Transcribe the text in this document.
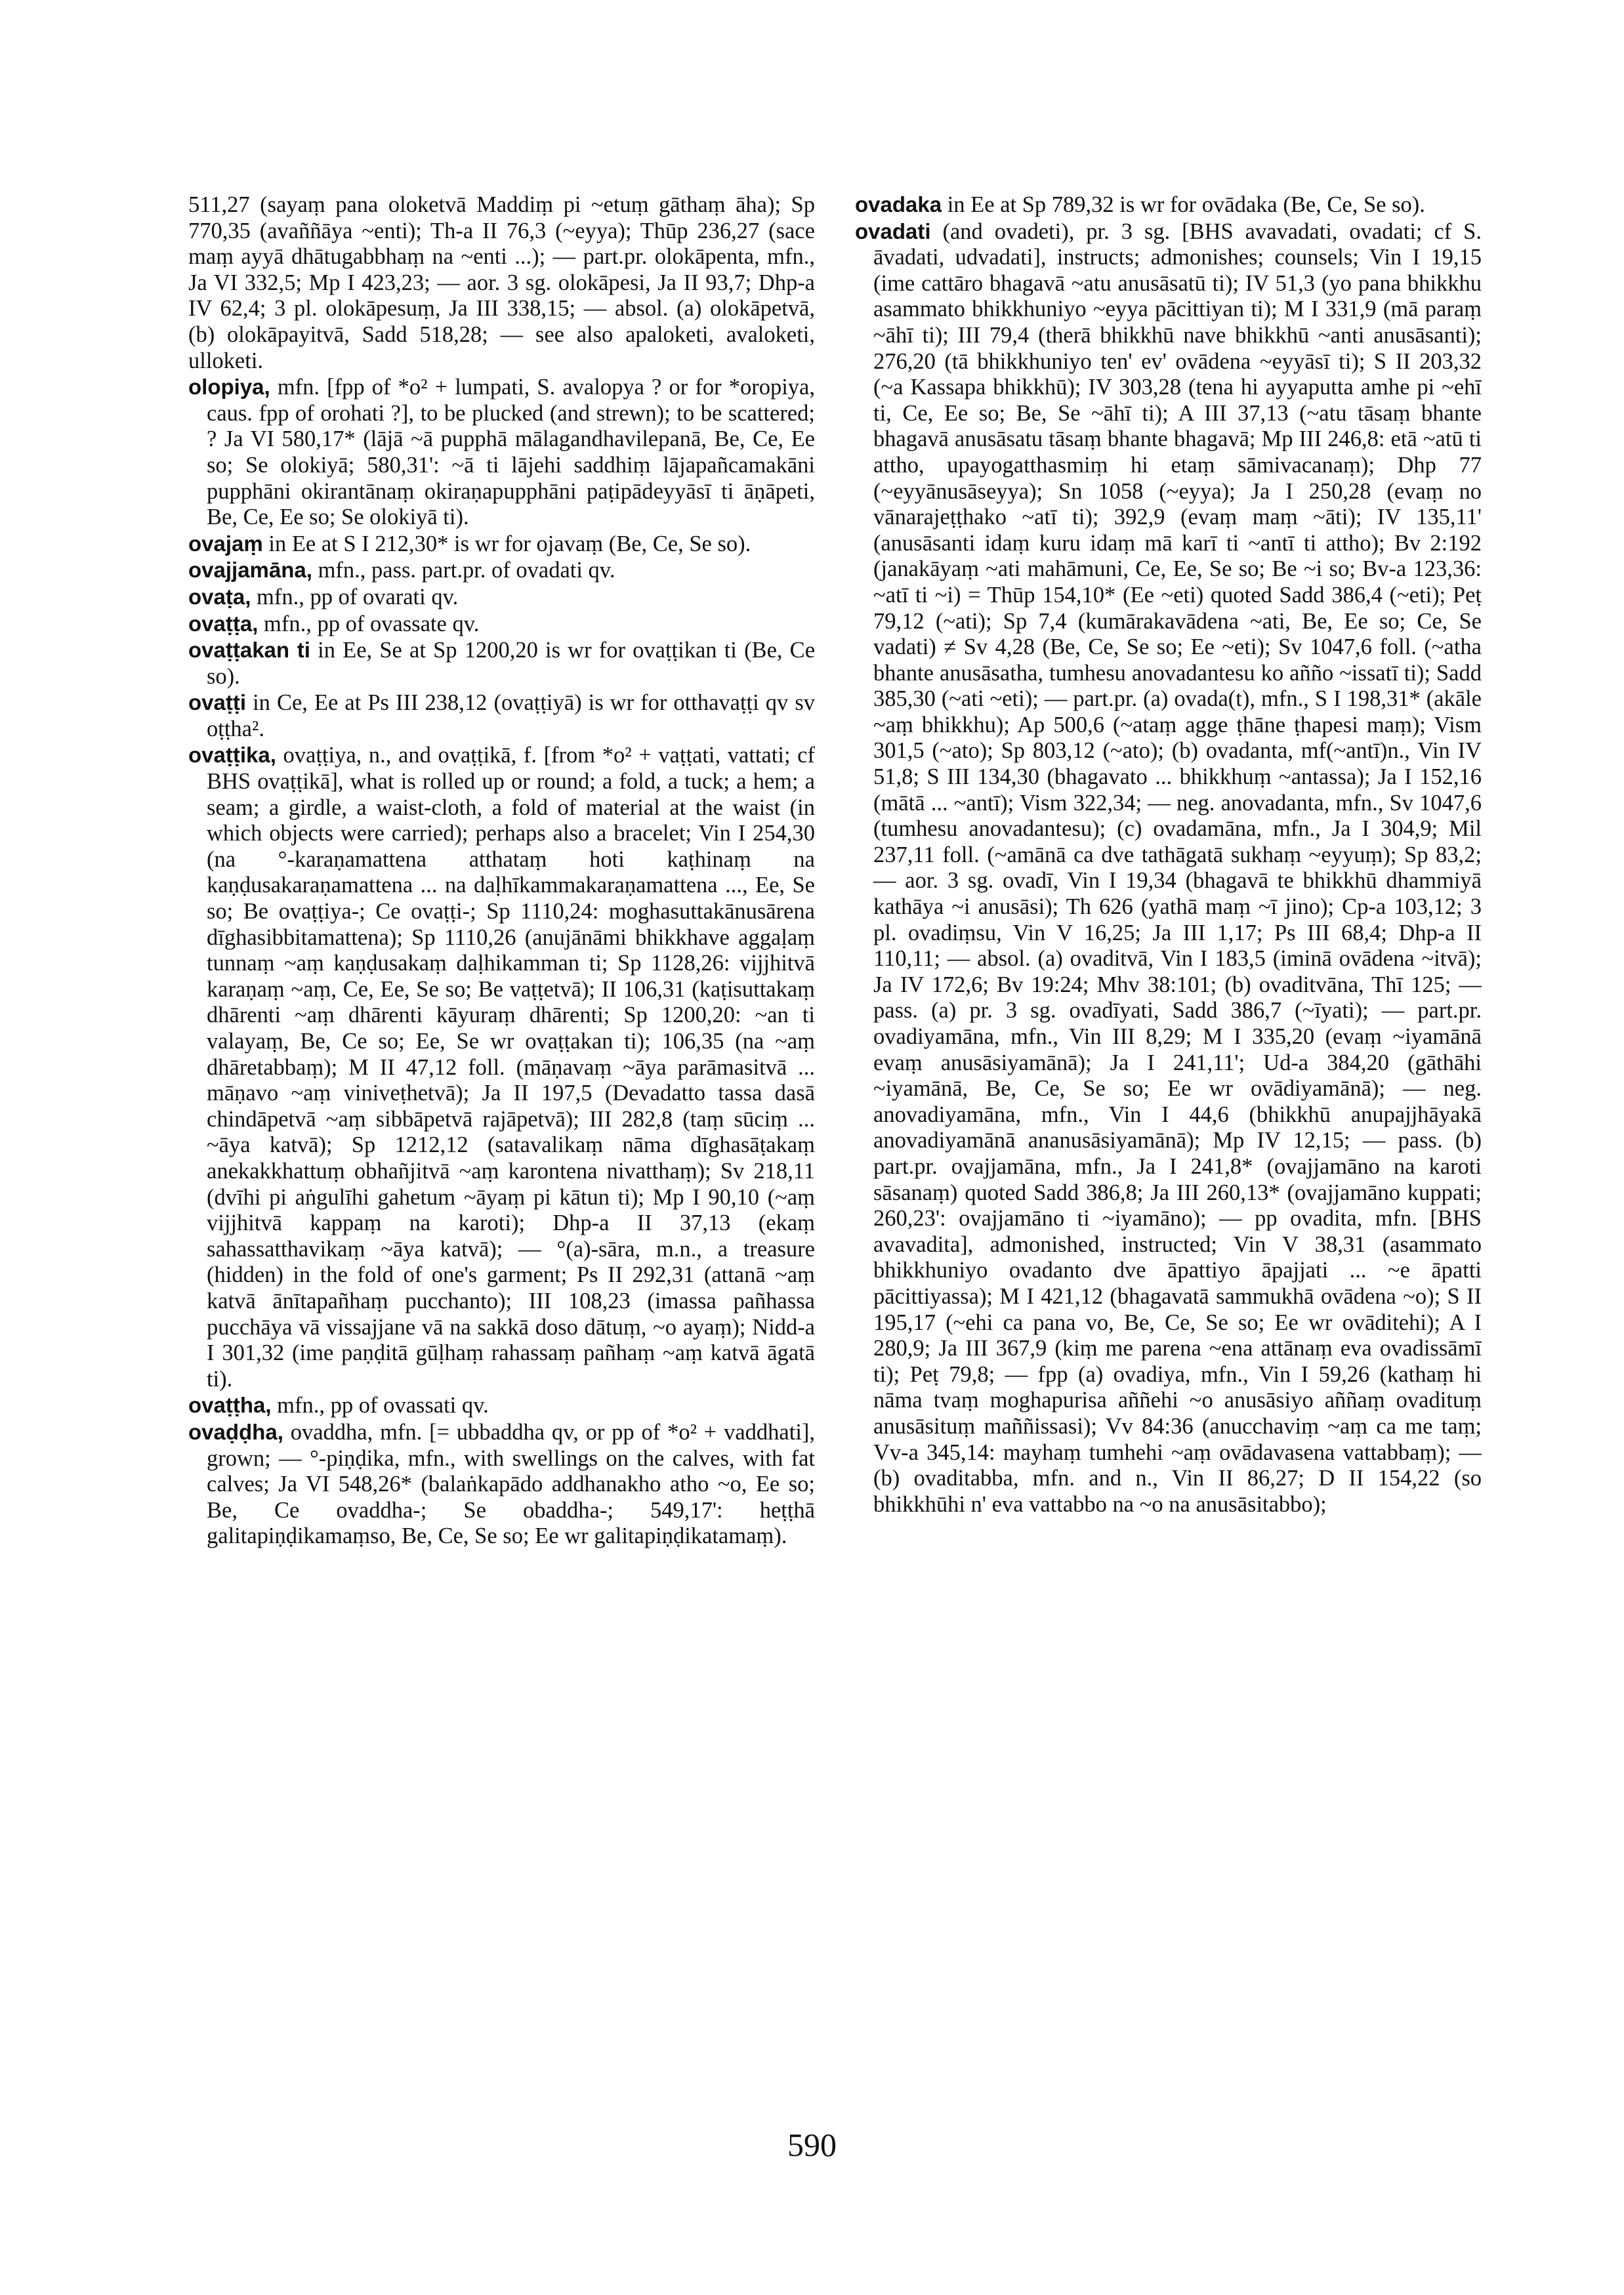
511,27 (sayaṃ pana oloketvā Maddiṃ pi ~etuṃ gāthaṃ āha); Sp 770,35 (avaññāya ~enti); Th-a II 76,3 (~eyya); Thūp 236,27 (sace maṃ ayyā dhātugabbhaṃ na ~enti ...); — part.pr. olokāpenta, mfn., Ja VI 332,5; Mp I 423,23; — aor. 3 sg. olokāpesi, Ja II 93,7; Dhp-a IV 62,4; 3 pl. olokāpesuṃ, Ja III 338,15; — absol. (a) olokāpetvā, (b) olokāpayitvā, Sadd 518,28; — see also apaloketi, avaloketi, ulloketi.

olopiya, mfn. [fpp of *o² + lumpati, S. avalopya ? or for *oropiya, caus. fpp of orohati ?], to be plucked (and strewn); to be scattered; ? Ja VI 580,17* (lājā ~ā pupphā mālagandhavilepanā, Be, Ce, Ee so; Se olokiyā; 580,31': ~ā ti lājehi saddhiṃ lājapañcamakāni pupphāni okirantānaṃ okiraṇapupphāni paṭipādeyyāsī ti āṇāpeti, Be, Ce, Ee so; Se olokiyā ti).

ovajaṃ in Ee at S I 212,30* is wr for ojavaṃ (Be, Ce, Se so).

ovajjamāna, mfn., pass. part.pr. of ovadati qv.

ovaṭa, mfn., pp of ovarati qv.

ovaṭṭa, mfn., pp of ovassate qv.

ovaṭṭakan ti in Ee, Se at Sp 1200,20 is wr for ovaṭṭikan ti (Be, Ce so).

ovaṭṭi in Ce, Ee at Ps III 238,12 (ovaṭṭiyā) is wr for otthavaṭṭi qv sv oṭṭha².

ovaṭṭika, ovaṭṭiya, n., and ovaṭṭikā, f. [from *o² + vaṭṭati, vattati; cf BHS ovaṭṭikā], what is rolled up or round; a fold, a tuck; a hem; a seam; a girdle, a waist-cloth, a fold of material at the waist (in which objects were carried); perhaps also a bracelet; Vin I 254,30 (na °-karaṇamattena atthataṃ hoti kaṭhinaṃ na kaṇḍusakaraṇamattena ... na daḷhīkammakaraṇamattena ..., Ee, Se so; Be ovaṭṭiya-; Ce ovaṭṭi-; Sp 1110,24: moghasuttakānusārena dīghasibbitamattena); Sp 1110,26 (anujānāmi bhikkhave aggaḷaṃ tunnaṃ ~aṃ kaṇḍusakaṃ daḷhikamman ti; Sp 1128,26: vijjhitvā karaṇaṃ ~aṃ, Ce, Ee, Se so; Be vaṭṭetvā); II 106,31 (kaṭisuttakaṃ dhārenti ~aṃ dhārenti kāyuraṃ dhārenti; Sp 1200,20: ~an ti valayaṃ, Be, Ce so; Ee, Se wr ovaṭṭakan ti); 106,35 (na ~aṃ dhāretabbaṃ); M II 47,12 foll. (māṇavaṃ ~āya parāmasitvā ... māṇavo ~aṃ viniveṭhetvā); Ja II 197,5 (Devadatto tassa dasā chindāpetvā ~aṃ sibbāpetvā rajāpetvā); III 282,8 (taṃ sūciṃ ... ~āya katvā); Sp 1212,12 (satavalikaṃ nāma dīghasāṭakaṃ anekakkhattuṃ obhañjitvā ~aṃ karontena nivatthaṃ); Sv 218,11 (dvīhi pi aṅgulīhi gahetum ~āyaṃ pi kātun ti); Mp I 90,10 (~aṃ vijjhitvā kappaṃ na karoti); Dhp-a II 37,13 (ekaṃ sahassatthavikaṃ ~āya katvā); — °(a)-sāra, m.n., a treasure (hidden) in the fold of one's garment; Ps II 292,31 (attanā ~aṃ katvā ānītapañhaṃ pucchanto); III 108,23 (imassa pañhassa pucchāya vā vissajjane vā na sakkā doso dātuṃ, ~o ayaṃ); Nidd-a I 301,32 (ime paṇḍitā gūḷhaṃ rahassaṃ pañhaṃ ~aṃ katvā āgatā ti).

ovaṭṭha, mfn., pp of ovassati qv.

ovaḍḍha, ovaddha, mfn. [= ubbaddha qv, or pp of *o² + vaddhati], grown; — °-piṇḍika, mfn., with swellings on the calves, with fat calves; Ja VI 548,26* (balaṅkapādo addhanakho atho ~o, Ee so; Be, Ce ovaddha-; Se obaddha-; 549,17': heṭṭhā galitapiṇḍikamaṃso, Be, Ce, Se so; Ee wr galitapiṇḍikatamaṃ).

ovadaka in Ee at Sp 789,32 is wr for ovādaka (Be, Ce, Se so).

ovadati (and ovadeti), pr. 3 sg. [BHS avavadati, ovadati; cf S. āvadati, udvadati], instructs; admonishes; counsels; Vin I 19,15 (ime cattāro bhagavā ~atu anusāsatū ti); IV 51,3 (yo pana bhikkhu asammato bhikkhuniyo ~eyya pācittiyan ti); M I 331,9 (mā paraṃ ~āhī ti); III 79,4 (therā bhikkhū nave bhikkhū ~anti anusāsanti); 276,20 (tā bhikkhuniyo ten' ev' ovādena ~eyyāsī ti); S II 203,32 (~a Kassapa bhikkhū); IV 303,28 (tena hi ayyaputta amhe pi ~ehī ti, Ce, Ee so; Be, Se ~āhī ti); A III 37,13 (~atu tāsaṃ bhante bhagavā anusāsatu tāsaṃ bhante bhagavā; Mp III 246,8: etā ~atū ti attho, upayogatthasmiṃ hi etaṃ sāmivacanaṃ); Dhp 77 (~eyyānusāseyya); Sn 1058 (~eyya); Ja I 250,28 (evaṃ no vānarajeṭṭhako ~atī ti); 392,9 (evaṃ maṃ ~āti); IV 135,11' (anusāsanti idaṃ kuru idaṃ mā karī ti ~antī ti attho); Bv 2:192 (janakāyaṃ ~ati mahāmuni, Ce, Ee, Se so; Be ~i so; Bv-a 123,36: ~atī ti ~i) = Thūp 154,10* (Ee ~eti) quoted Sadd 386,4 (~eti); Peṭ 79,12 (~ati); Sp 7,4 (kumārakavādena ~ati, Be, Ee so; Ce, Se vadati) ≠ Sv 4,28 (Be, Ce, Se so; Ee ~eti); Sv 1047,6 foll. (~atha bhante anusāsatha, tumhesu anovadantesu ko añño ~issatī ti); Sadd 385,30 (~ati ~eti); — part.pr. (a) ovada(t), mfn., S I 198,31* (akāle ~aṃ bhikkhu); Ap 500,6 (~ataṃ agge ṭhāne ṭhapesi maṃ); Vism 301,5 (~ato); Sp 803,12 (~ato); (b) ovadanta, mf(~antī)n., Vin IV 51,8; S III 134,30 (bhagavato ... bhikkhuṃ ~antassa); Ja I 152,16 (mātā ... ~antī); Vism 322,34; — neg. anovadanta, mfn., Sv 1047,6 (tumhesu anovadantesu); (c) ovadamāna, mfn., Ja I 304,9; Mil 237,11 foll. (~amānā ca dve tathāgatā sukhaṃ ~eyyuṃ); Sp 83,2; — aor. 3 sg. ovadī, Vin I 19,34 (bhagavā te bhikkhū dhammiyā kathāya ~i anusāsi); Th 626 (yathā maṃ ~ī jino); Cp-a 103,12; 3 pl. ovadiṃsu, Vin V 16,25; Ja III 1,17; Ps III 68,4; Dhp-a II 110,11; — absol. (a) ovaditvā, Vin I 183,5 (iminā ovādena ~itvā); Ja IV 172,6; Bv 19:24; Mhv 38:101; (b) ovaditvāna, Thī 125; — pass. (a) pr. 3 sg. ovadīyati, Sadd 386,7 (~īyati); — part.pr. ovadiyamāna, mfn., Vin III 8,29; M I 335,20 (evaṃ ~iyamānā evaṃ anusāsiyamānā); Ja I 241,11'; Ud-a 384,20 (gāthāhi ~iyamānā, Be, Ce, Se so; Ee wr ovādiyamānā); — neg. anovadiyamāna, mfn., Vin I 44,6 (bhikkhū anupajjhāyakā anovadiyamānā ananusāsiyamānā); Mp IV 12,15; — pass. (b) part.pr. ovajjamāna, mfn., Ja I 241,8* (ovajjamāno na karoti sāsanaṃ) quoted Sadd 386,8; Ja III 260,13* (ovajjamāno kuppati; 260,23': ovajjamāno ti ~iyamāno); — pp ovadita, mfn. [BHS avavadita], admonished, instructed; Vin V 38,31 (asammato bhikkhuniyo ovadanto dve āpattiyo āpajjati ... ~e āpatti pācittiyassa); M I 421,12 (bhagavatā sammukhā ovādena ~o); S II 195,17 (~ehi ca pana vo, Be, Ce, Se so; Ee wr ovāditehi); A I 280,9; Ja III 367,9 (kiṃ me parena ~ena attānaṃ eva ovadissāmī ti); Peṭ 79,8; — fpp (a) ovadiya, mfn., Vin I 59,26 (kathaṃ hi nāma tvaṃ moghapurisa aññehi ~o anusāsiyo aññaṃ ovadituṃ anusāsituṃ maññissasi); Vv 84:36 (anucchaviṃ ~aṃ ca me taṃ; Vv-a 345,14: mayhaṃ tumhehi ~aṃ ovādavasena vattabbaṃ); — (b) ovaditabba, mfn. and n., Vin II 86,27; D II 154,22 (so bhikkhūhi n' eva vattabbo na ~o na anusāsitabbo);

590
